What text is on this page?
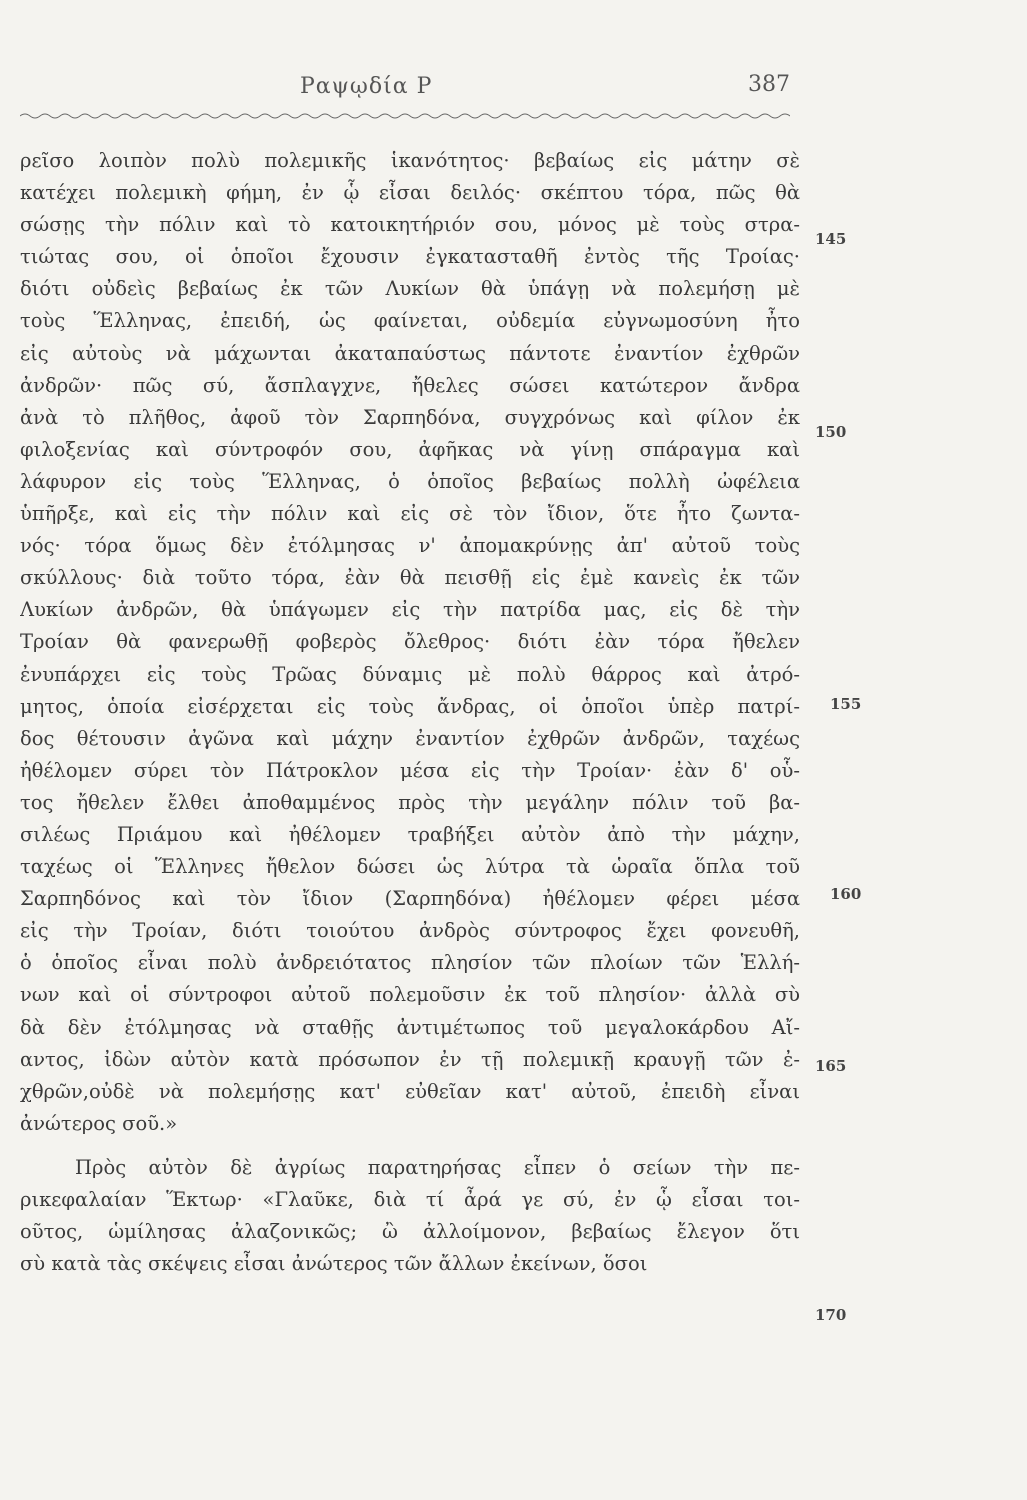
Ραψῳδία Ρ	387
ρεῖσο λοιπὸν πολὺ πολεμικῆς ἱκανότητος· βεβαίως εἰς μάτην σὲ
κατέχει πολεμικὴ φήμη, ἐν ᾧ εἶσαι δειλός· σκέπτου τόρα, πῶς θὰ
σώσῃς τὴν πόλιν καὶ τὸ κατοικητήριόν σου, μόνος μὲ τοὺς στρα-
τιώτας σου, οἱ ὁποῖοι ἔχουσιν ἐγκατασταθῆ ἐντὸς τῆς Τροίας·
διότι οὐδεὶς βεβαίως ἐκ τῶν Λυκίων θὰ ὑπάγῃ νὰ πολεμήσῃ μὲ
τοὺς Ἕλληνας, ἐπειδή, ὡς φαίνεται, οὐδεμία εὐγνωμοσύνη ἦτο
εἰς αὐτοὺς νὰ μάχωνται ἀκαταπαύστως πάντοτε ἐναντίον ἐχθρῶν
ἀνδρῶν· πῶς σύ, ἄσπλαγχνε, ἤθελες σώσει κατώτερον ἄνδρα
ἀνὰ τὸ πλῆθος, ἀφοῦ τὸν Σαρπηδόνα, συγχρόνως καὶ φίλον ἐκ
φιλοξενίας καὶ σύντροφόν σου, ἀφῆκας νὰ γίνῃ σπάραγμα καὶ
λάφυρον εἰς τοὺς Ἕλληνας, ὁ ὁποῖος βεβαίως πολλὴ ὠφέλεια
ὑπῆρξε, καὶ εἰς τὴν πόλιν καὶ εἰς σὲ τὸν ἴδιον, ὅτε ἦτο ζωντα-
νός· τόρα ὅμως δὲν ἐτόλμησας ν' ἀπομακρύνῃς ἀπ' αὐτοῦ τοὺς
σκύλλους· διὰ τοῦτο τόρα, ἐὰν θὰ πεισθῇ εἰς ἐμὲ κανεὶς ἐκ τῶν
Λυκίων ἀνδρῶν, θὰ ὑπάγωμεν εἰς τὴν πατρίδα μας, εἰς δὲ τὴν
Τροίαν θὰ φανερωθῇ φοβερὸς ὄλεθρος· διότι ἐὰν τόρα ἤθελεν
ἐνυπάρχει εἰς τοὺς Τρῶας δύναμις μὲ πολὺ θάρρος καὶ ἀτρό-
μητος, ὁποία εἰσέρχεται εἰς τοὺς ἄνδρας, οἱ ὁποῖοι ὑπὲρ πατρί-
δος θέτουσιν ἀγῶνα καὶ μάχην ἐναντίον ἐχθρῶν ἀνδρῶν, ταχέως
ἠθέλομεν σύρει τὸν Πάτροκλον μέσα εἰς τὴν Τροίαν· ἐὰν δ' οὗ-
τος ἤθελεν ἔλθει ἀποθαμμένος πρὸς τὴν μεγάλην πόλιν τοῦ βα-
σιλέως Πριάμου καὶ ἠθέλομεν τραβήξει αὐτὸν ἀπὸ τὴν μάχην,
ταχέως οἱ Ἕλληνες ἤθελον δώσει ὡς λύτρα τὰ ὡραῖα ὅπλα τοῦ
Σαρπηδόνος καὶ τὸν ἴδιον (Σαρπηδόνα) ἠθέλομεν φέρει μέσα
εἰς τὴν Τροίαν, διότι τοιούτου ἀνδρὸς σύντροφος ἔχει φονευθῆ,
ὁ ὁποῖος εἶναι πολὺ ἀνδρειότατος πλησίον τῶν πλοίων τῶν Ἑλλή-
νων καὶ οἱ σύντροφοι αὐτοῦ πολεμοῦσιν ἐκ τοῦ πλησίον· ἀλλὰ σὺ
δὰ δὲν ἐτόλμησας νὰ σταθῇς ἀντιμέτωπος τοῦ μεγαλοκάρδου Αἴ-
αντος, ἰδὼν αὐτὸν κατὰ πρόσωπον ἐν τῇ πολεμικῇ κραυγῇ τῶν ἐ-
χθρῶν,οὐδὲ νὰ πολεμήσῃς κατ' εὐθεῖαν κατ' αὐτοῦ, ἐπειδὴ εἶναι
ἀνώτερος σοῦ.»
Πρὸς αὐτὸν δὲ ἀγρίως παρατηρήσας εἶπεν ὁ σείων τὴν πε-
ρικεφαλαίαν Ἕκτωρ· «Γλαῦκε, διὰ τί ἆρά γε σύ, ἐν ᾧ εἶσαι τοι-
οῦτος, ὡμίλησας ἀλαζονικῶς; ὢ ἀλλοίμονον, βεβαίως ἔλεγον ὅτι
σὺ κατὰ τὰς σκέψεις εἶσαι ἀνώτερος τῶν ἄλλων ἐκείνων, ὅσοι
145
150
155
160
165
170
